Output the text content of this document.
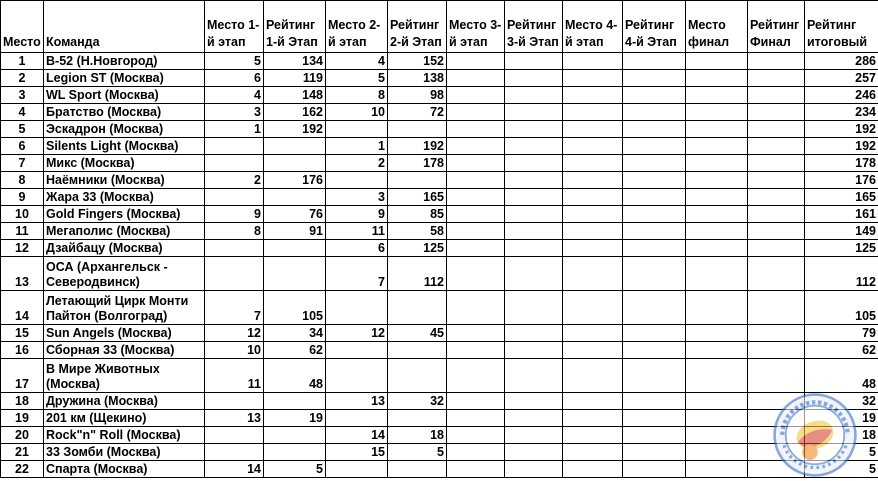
Место	Команда	Место 1-й этап	Рейтинг 1-й Этап	Место 2-й этап	Рейтинг 2-й Этап	Место 3-й этап	Рейтинг 3-й Этап	Место 4-й этап	Рейтинг 4-й Этап	Место финал	Рейтинг Финал	Рейтинг итоговый
1	В-52 (Н.Новгород)	5	134	4	152							286
2	Legion ST (Москва)	6	119	5	138							257
3	WL Sport (Москва)	4	148	8	98							246
4	Братство (Москва)	3	162	10	72							234
5	Эскадрон (Москва)	1	192									192
6	Silents Light (Москва)			1	192							192
7	Микс (Москва)			2	178							178
8	Наёмники (Москва)	2	176									176
9	Жара 33 (Москва)			3	165							165
10	Gold Fingers (Москва)	9	76	9	85							161
11	Мегаполис (Москва)	8	91	11	58							149
12	Дзайбацу (Москва)			6	125							125
13	ОСА (Архангельск - Северодвинск)			7	112							112
14	Летающий Цирк Монти Пайтон (Волгоград)	7	105									105
15	Sun Angels (Москва)	12	34	12	45							79
16	Сборная 33 (Москва)	10	62									62
17	В Мире Животных (Москва)	11	48									48
18	Дружина (Москва)			13	32							32
19	201 км (Щекино)	13	19									19
20	Rock"n" Roll (Москва)			14	18							18
21	33 Зомби (Москва)			15	5							5
22	Спарта (Москва)	14	5									5
